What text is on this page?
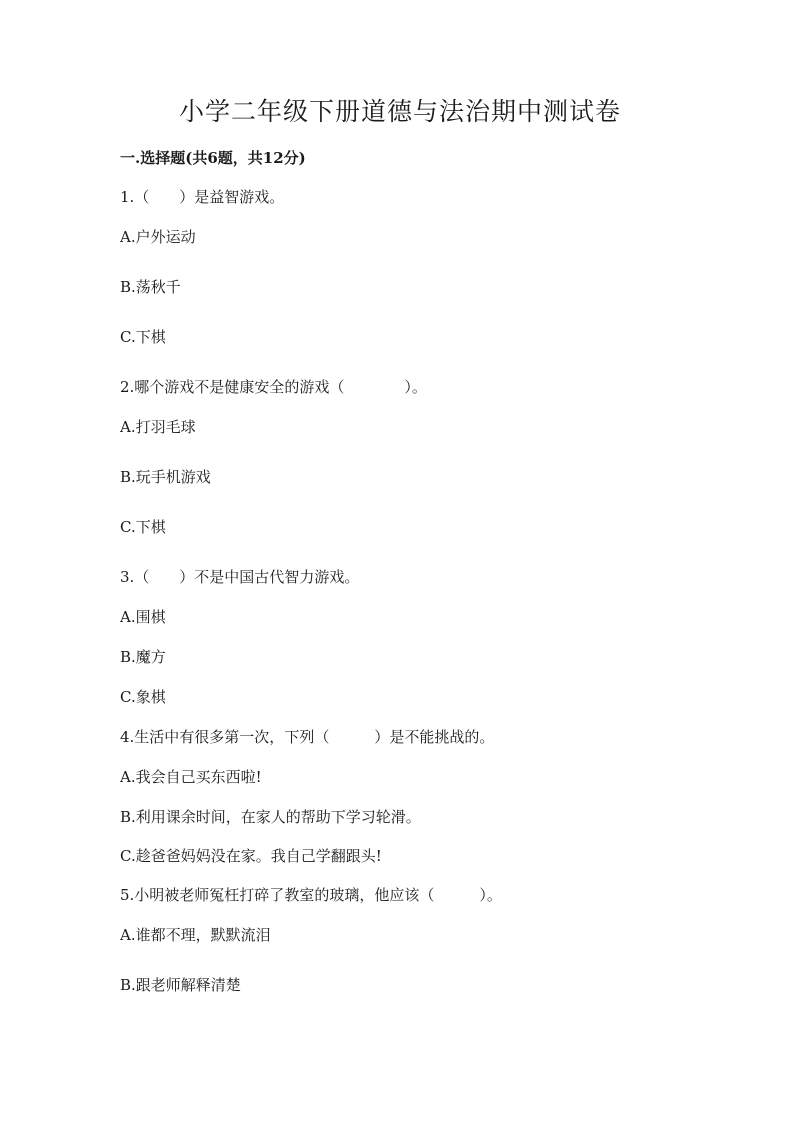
小学二年级下册道德与法治期中测试卷
一.选择题(共6题，共12分)

1.（　　）是益智游戏。

A.户外运动

B.荡秋千

C.下棋

2.哪个游戏不是健康安全的游戏（　　　　）。

A.打羽毛球

B.玩手机游戏

C.下棋

3.（　　）不是中国古代智力游戏。

A.围棋

B.魔方

C.象棋

4.生活中有很多第一次，下列（　　　）是不能挑战的。

A.我会自己买东西啦!

B.利用课余时间，在家人的帮助下学习轮滑。

C.趁爸爸妈妈没在家。我自己学翻跟头!

5.小明被老师冤枉打碎了教室的玻璃，他应该（　　　）。

A.谁都不理，默默流泪

B.跟老师解释清楚
